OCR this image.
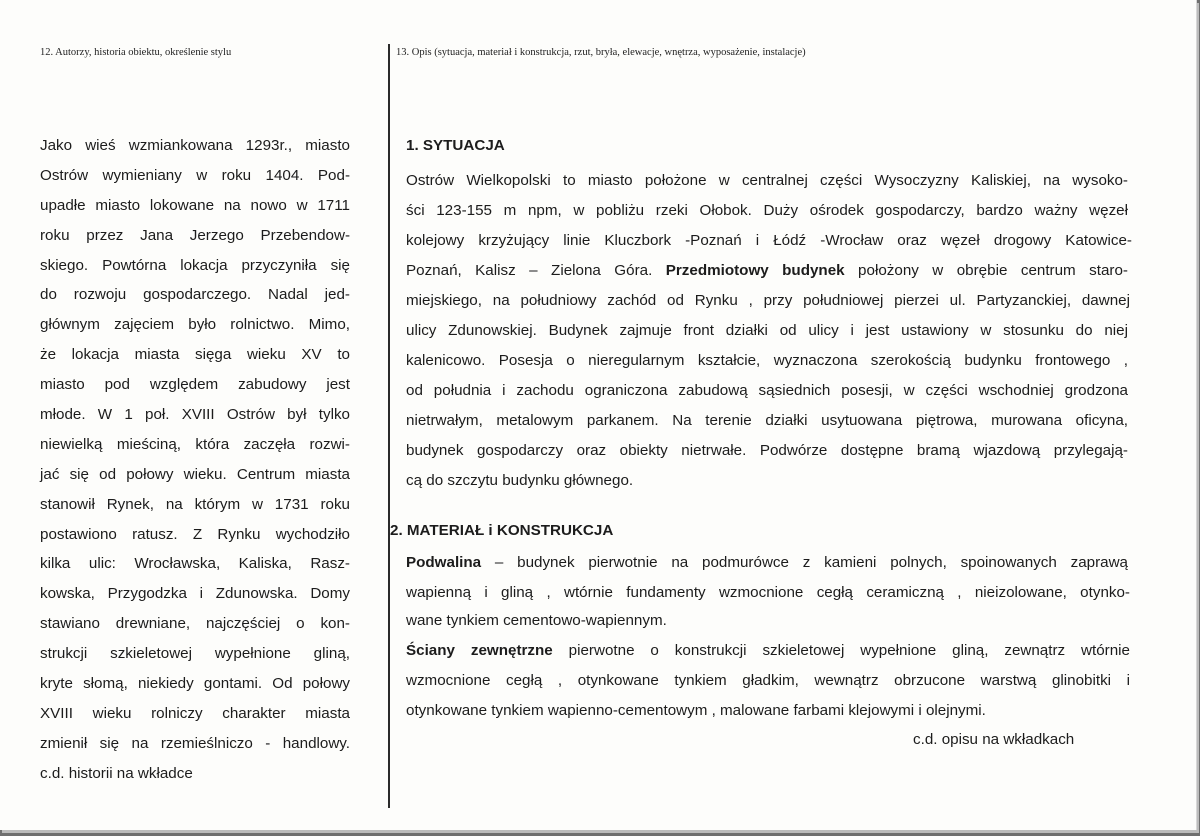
12. Autorzy, historia obiektu, określenie stylu	13. Opis (sytuacja, materiał i konstrukcja, rzut, bryła, elewacje, wnętrza, wyposażenie, instalacje)
Jako wieś wzmiankowana 1293r., miasto
Ostrów wymieniany w roku 1404. Pod-
upadłe miasto lokowane na nowo w 1711
roku przez Jana Jerzego Przebendow-
skiego. Powtórna lokacja przyczyniła się
do rozwoju gospodarczego. Nadal jed-
głównym zajęciem było rolnictwo. Mimo,
że lokacja miasta sięga wieku XV to
miasto pod względem zabudowy jest
młode. W 1 poł. XVIII Ostrów był tylko
niewielką mieściną, która zaczęła rozwi-
jać się od połowy wieku. Centrum miasta
stanowił Rynek, na którym w 1731 roku
postawiono ratusz. Z Rynku wychodziło
kilka ulic: Wrocławska, Kaliska, Rasz-
kowska, Przygodzka i Zdunowska. Domy
stawiano drewniane, najczęściej o kon-
strukcji szkieletowej wypełnione gliną,
kryte słomą, niekiedy gontami. Od połowy
XVIII wieku rolniczy charakter miasta
zmienił się na rzemieślniczo - handlowy.
c.d. historii na wkładce
1. SYTUACJA
Ostrów Wielkopolski to miasto położone w centralnej części Wysoczyzny Kaliskiej, na wysoko-
ści 123-155 m npm, w pobliżu rzeki Ołobok. Duży ośrodek gospodarczy, bardzo ważny węzeł
kolejowy krzyżujący linie Kluczbork -Poznań i Łódź -Wrocław oraz węzeł drogowy Katowice-
Poznań, Kalisz – Zielona Góra. Przedmiotowy budynek położony w obrębie centrum staro-
miejskiego, na południowy zachód od Rynku , przy południowej pierzei ul. Partyzanckiej, dawnej
ulicy Zdunowskiej. Budynek zajmuje front działki od ulicy i jest ustawiony w stosunku do niej
kalenicowo. Posesja o nieregularnym kształcie, wyznaczona szerokością budynku frontowego ,
od południa i zachodu ograniczona zabudową sąsiednich posesji, w części wschodniej grodzona
nietrwałym, metalowym parkanem. Na terenie działki usytuowana piętrowa, murowana oficyna,
budynek gospodarczy oraz obiekty nietrwałe. Podwórze dostępne bramą wjazdową przylegają-
cą do szczytu budynku głównego.
2. MATERIAŁ i KONSTRUKCJA
Podwalina – budynek pierwotnie na podmurówce z kamieni polnych, spoinowanych zaprawą
wapienną i gliną , wtórnie fundamenty wzmocnione cegłą ceramiczną , nieizolowane, otynko-
wane tynkiem cementowo-wapiennym.
Ściany zewnętrzne pierwotne o konstrukcji szkieletowej wypełnione gliną, zewnątrz wtórnie
wzmocnione cegłą , otynkowane tynkiem gładkim, wewnątrz obrzucone warstwą glinobitki i
otynkowane tynkiem wapienno-cementowym , malowane farbami klejowymi i olejnymi.
c.d. opisu na wkładkach
